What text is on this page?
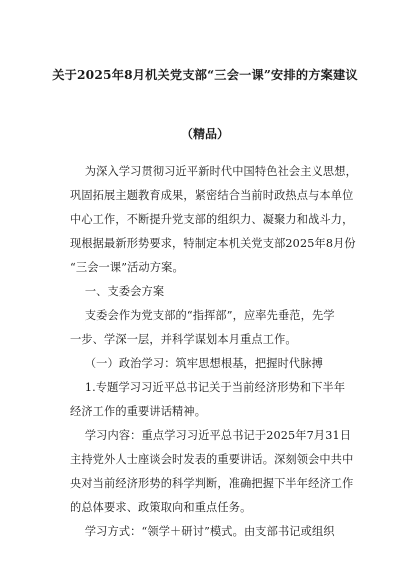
关于2025年8月机关党支部“三会一课”安排的方案建议
（精品）
为深入学习贯彻习近平新时代中国特色社会主义思想，
巩固拓展主题教育成果，紧密结合当前时政热点与本单位
中心工作，不断提升党支部的组织力、凝聚力和战斗力，
现根据最新形势要求，特制定本机关党支部2025年8月份
“三会一课”活动方案。
一、支委会方案
支委会作为党支部的“指挥部”，应率先垂范，先学
一步、学深一层，并科学谋划本月重点工作。
（一）政治学习：筑牢思想根基，把握时代脉搏
1.专题学习习近平总书记关于当前经济形势和下半年
经济工作的重要讲话精神。
学习内容：重点学习习近平总书记于2025年7月31日
主持党外人士座谈会时发表的重要讲话。深刻领会中共中
央对当前经济形势的科学判断，准确把握下半年经济工作
的总体要求、政策取向和重点任务。
学习方式：“领学＋研讨”模式。由支部书记或组织
